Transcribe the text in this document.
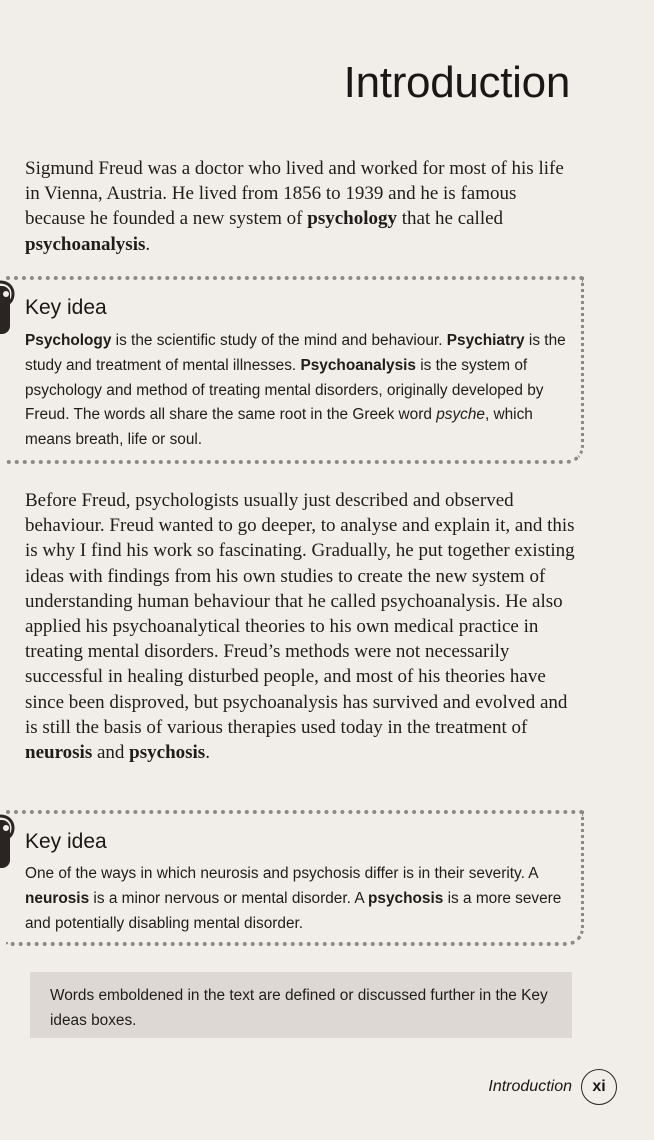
Introduction

Sigmund Freud was a doctor who lived and worked for most of his life in Vienna, Austria. He lived from 1856 to 1939 and he is famous because he founded a new system of psychology that he called psychoanalysis.

Key idea

Psychology is the scientific study of the mind and behaviour. Psychiatry is the study and treatment of mental illnesses. Psychoanalysis is the system of psychology and method of treating mental disorders, originally developed by Freud. The words all share the same root in the Greek word psyche, which means breath, life or soul.

Before Freud, psychologists usually just described and observed behaviour. Freud wanted to go deeper, to analyse and explain it, and this is why I find his work so fascinating. Gradually, he put together existing ideas with findings from his own studies to create the new system of understanding human behaviour that he called psychoanalysis. He also applied his psychoanalytical theories to his own medical practice in treating mental disorders. Freud’s methods were not necessarily successful in healing disturbed people, and most of his theories have since been disproved, but psychoanalysis has survived and evolved and is still the basis of various therapies used today in the treatment of neurosis and psychosis.

Key idea

One of the ways in which neurosis and psychosis differ is in their severity. A neurosis is a minor nervous or mental disorder. A psychosis is a more severe and potentially disabling mental disorder.

Words emboldened in the text are defined or discussed further in the Key ideas boxes.

Introduction	xi
